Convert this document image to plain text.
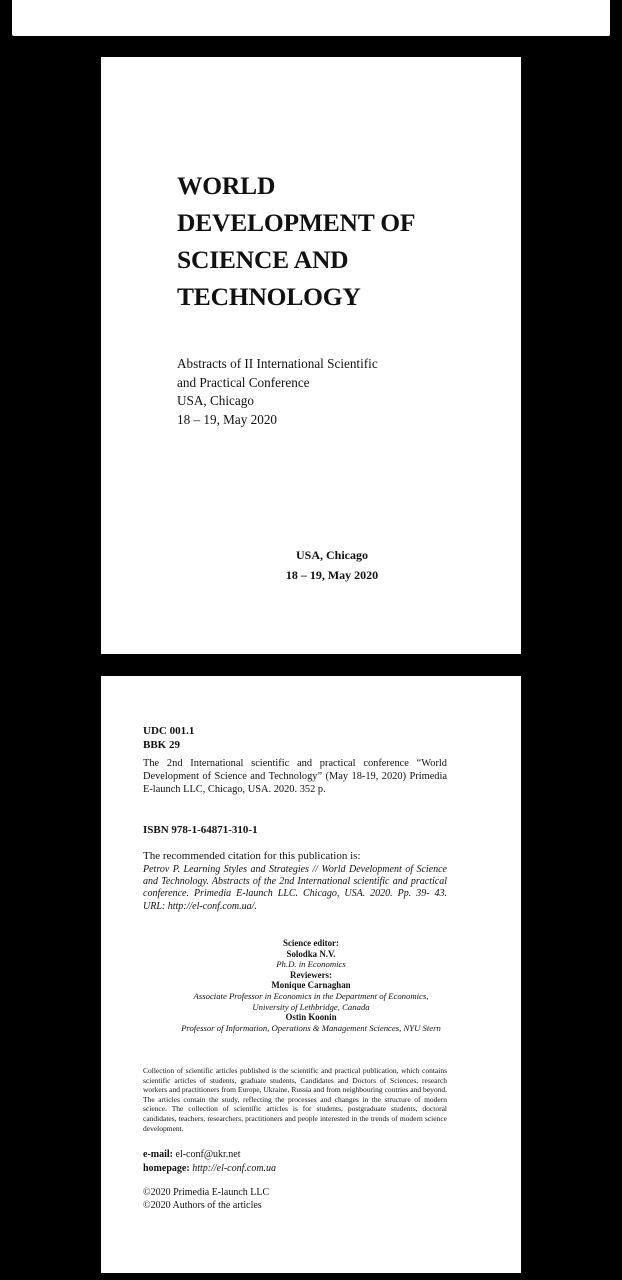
WORLD
DEVELOPMENT OF
SCIENCE AND
TECHNOLOGY
Abstracts of II International Scientific
and Practical Conference
USA, Chicago
18 – 19, May 2020
USA, Chicago
18 – 19, May 2020
UDC 001.1
BBK 29
The 2nd International scientific and practical conference “World Development of Science and Technology” (May 18-19, 2020) Primedia E-launch LLC, Chicago, USA. 2020. 352 p.
ISBN 978-1-64871-310-1
The recommended citation for this publication is:
Petrov P. Learning Styles and Strategies // World Development of Science and Technology. Abstracts of the 2nd International scientific and practical conference. Primedia E-launch LLC. Chicago, USA. 2020. Pp. 39- 43. URL: http://el-conf.com.ua/.
Science editor:
Solodka N.V.
Ph.D. in Economics
Reviewers:
Monique Carnaghan
Associate Professor in Economics in the Department of Economics,
University of Lethbridge, Canada
Ostin Koonin
Professor of Information, Operations & Management Sciences, NYU Stern
Collection of scientific articles published is the scientific and practical publication, which contains scientific articles of students, graduate students, Candidates and Doctors of Sciences, research workers and practitioners from Europe, Ukraine, Russia and from neighbouring coutries and beyond. The articles contain the study, reflecting the processes and changes in the structure of modern science. The collection of scientific articles is for students, postgraduate students, doctoral candidates, teachers, researchers, practitioners and people interested in the trends of modern science development.
e-mail: el-conf@ukr.net
homepage: http://el-conf.com.ua
©2020 Primedia E-launch LLC
©2020 Authors of the articles
